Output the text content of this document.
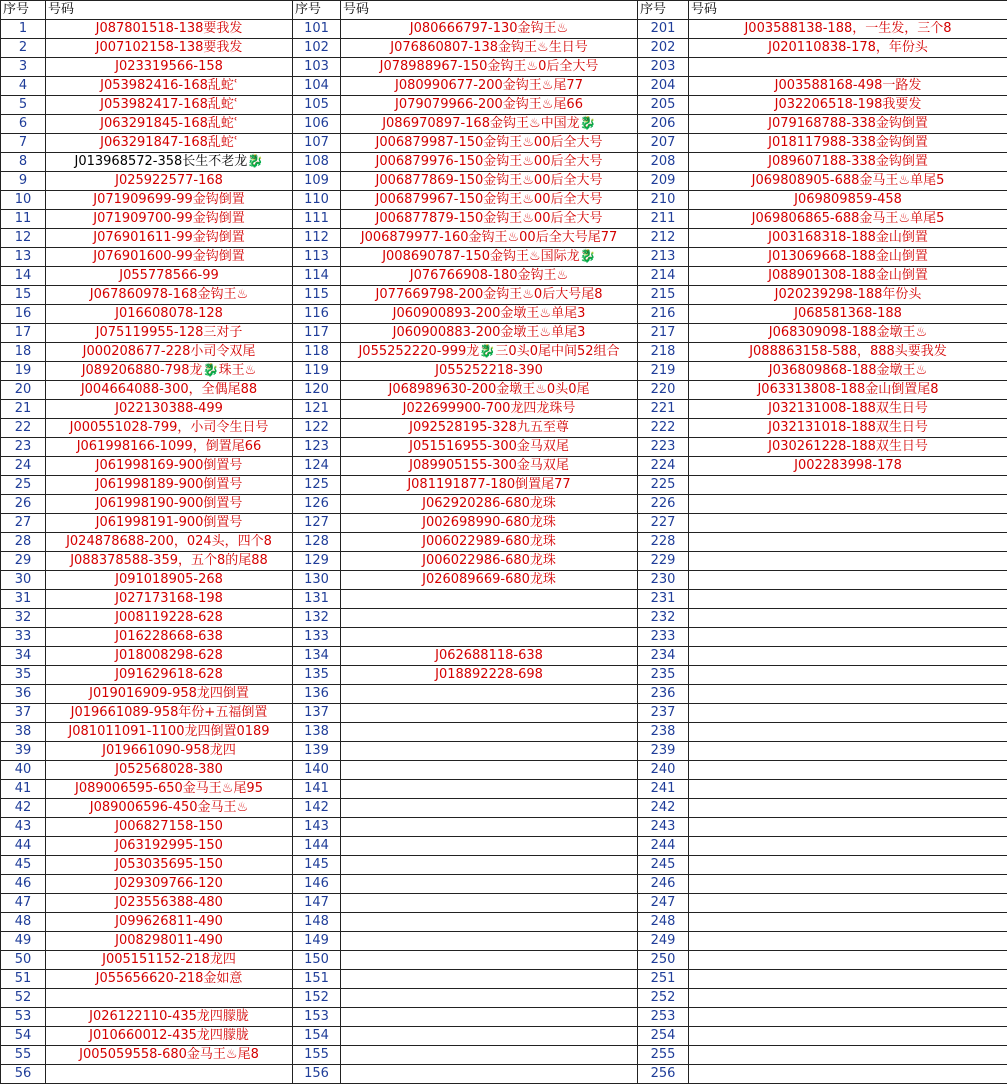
序号	号码	序号	号码	序号	号码
1	J087801518-138要我发	101	J080666797-130金钩王♨	201	J003588138-188，一生发，三个8
2	J007102158-138要我发	102	J076860807-138金钩王♨生日号	202	J020110838-178，年份头
3	J023319566-158	103	J078988967-150金钩王♨0后全大号	203	
4	J053982416-168乱蛇ʿ	104	J080990677-200金钩王♨尾77	204	J003588168-498一路发
5	J053982417-168乱蛇ʿ	105	J079079966-200金钩王♨尾66	205	J032206518-198我要发
6	J063291845-168乱蛇ʿ	106	J086970897-168金钩王♨中国龙🐉	206	J079168788-338金钩倒置
7	J063291847-168乱蛇ʿ	107	J006879987-150金钩王♨00后全大号	207	J018117988-338金钩倒置
8	J013968572-358长生不老龙🐉	108	J006879976-150金钩王♨00后全大号	208	J089607188-338金钩倒置
9	J025922577-168	109	J006877869-150金钩王♨00后全大号	209	J069808905-688金马王♨单尾5
10	J071909699-99金钩倒置	110	J006879967-150金钩王♨00后全大号	210	J069809859-458
11	J071909700-99金钩倒置	111	J006877879-150金钩王♨00后全大号	211	J069806865-688金马王♨单尾5
12	J076901611-99金钩倒置	112	J006879977-160金钩王♨00后全大号尾77	212	J003168318-188金山倒置
13	J076901600-99金钩倒置	113	J008690787-150金钩王♨国际龙🐉	213	J013069668-188金山倒置
14	J055778566-99	114	J076766908-180金钩王♨	214	J088901308-188金山倒置
15	J067860978-168金钩王♨	115	J077669798-200金钩王♨0后大号尾8	215	J020239298-188年份头
16	J016608078-128	116	J060900893-200金墩王♨单尾3	216	J068581368-188
17	J075119955-128三对子	117	J060900883-200金墩王♨单尾3	217	J068309098-188金墩王♨
18	J000208677-228小司令双尾	118	J055252220-999龙🐉三0头0尾中间52组合	218	J088863158-588，888头要我发
19	J089206880-798龙🐉珠王♨	119	J055252218-390	219	J036809868-188金墩王♨
20	J004664088-300，全偶尾88	120	J068989630-200金墩王♨0头0尾	220	J063313808-188金山倒置尾8
21	J022130388-499	121	J022699900-700龙四龙珠号	221	J032131008-188双生日号
22	J000551028-799，小司令生日号	122	J092528195-328九五至尊	222	J032131018-188双生日号
23	J061998166-1099，倒置尾66	123	J051516955-300金马双尾	223	J030261228-188双生日号
24	J061998169-900倒置号	124	J089905155-300金马双尾	224	J002283998-178
25	J061998189-900倒置号	125	J081191877-180倒置尾77	225	
26	J061998190-900倒置号	126	J062920286-680龙珠	226	
27	J061998191-900倒置号	127	J002698990-680龙珠	227	
28	J024878688-200，024头，四个8	128	J006022989-680龙珠	228	
29	J088378588-359，五个8的尾88	129	J006022986-680龙珠	229	
30	J091018905-268	130	J026089669-680龙珠	230	
31	J027173168-198	131		231	
32	J008119228-628	132		232	
33	J016228668-638	133		233	
34	J018008298-628	134	J062688118-638	234	
35	J091629618-628	135	J018892228-698	235	
36	J019016909-958龙四倒置	136		236	
37	J019661089-958年份+五福倒置	137		237	
38	J081011091-1100龙四倒置0189	138		238	
39	J019661090-958龙四	139		239	
40	J052568028-380	140		240	
41	J089006595-650金马王♨尾95	141		241	
42	J089006596-450金马王♨	142		242	
43	J006827158-150	143		243	
44	J063192995-150	144		244	
45	J053035695-150	145		245	
46	J029309766-120	146		246	
47	J023556388-480	147		247	
48	J099626811-490	148		248	
49	J008298011-490	149		249	
50	J005151152-218龙四	150		250	
51	J055656620-218金如意	151		251	
52		152		252	
53	J026122110-435龙四朦胧	153		253	
54	J010660012-435龙四朦胧	154		254	
55	J005059558-680金马王♨尾8	155		255	
56		156		256	
